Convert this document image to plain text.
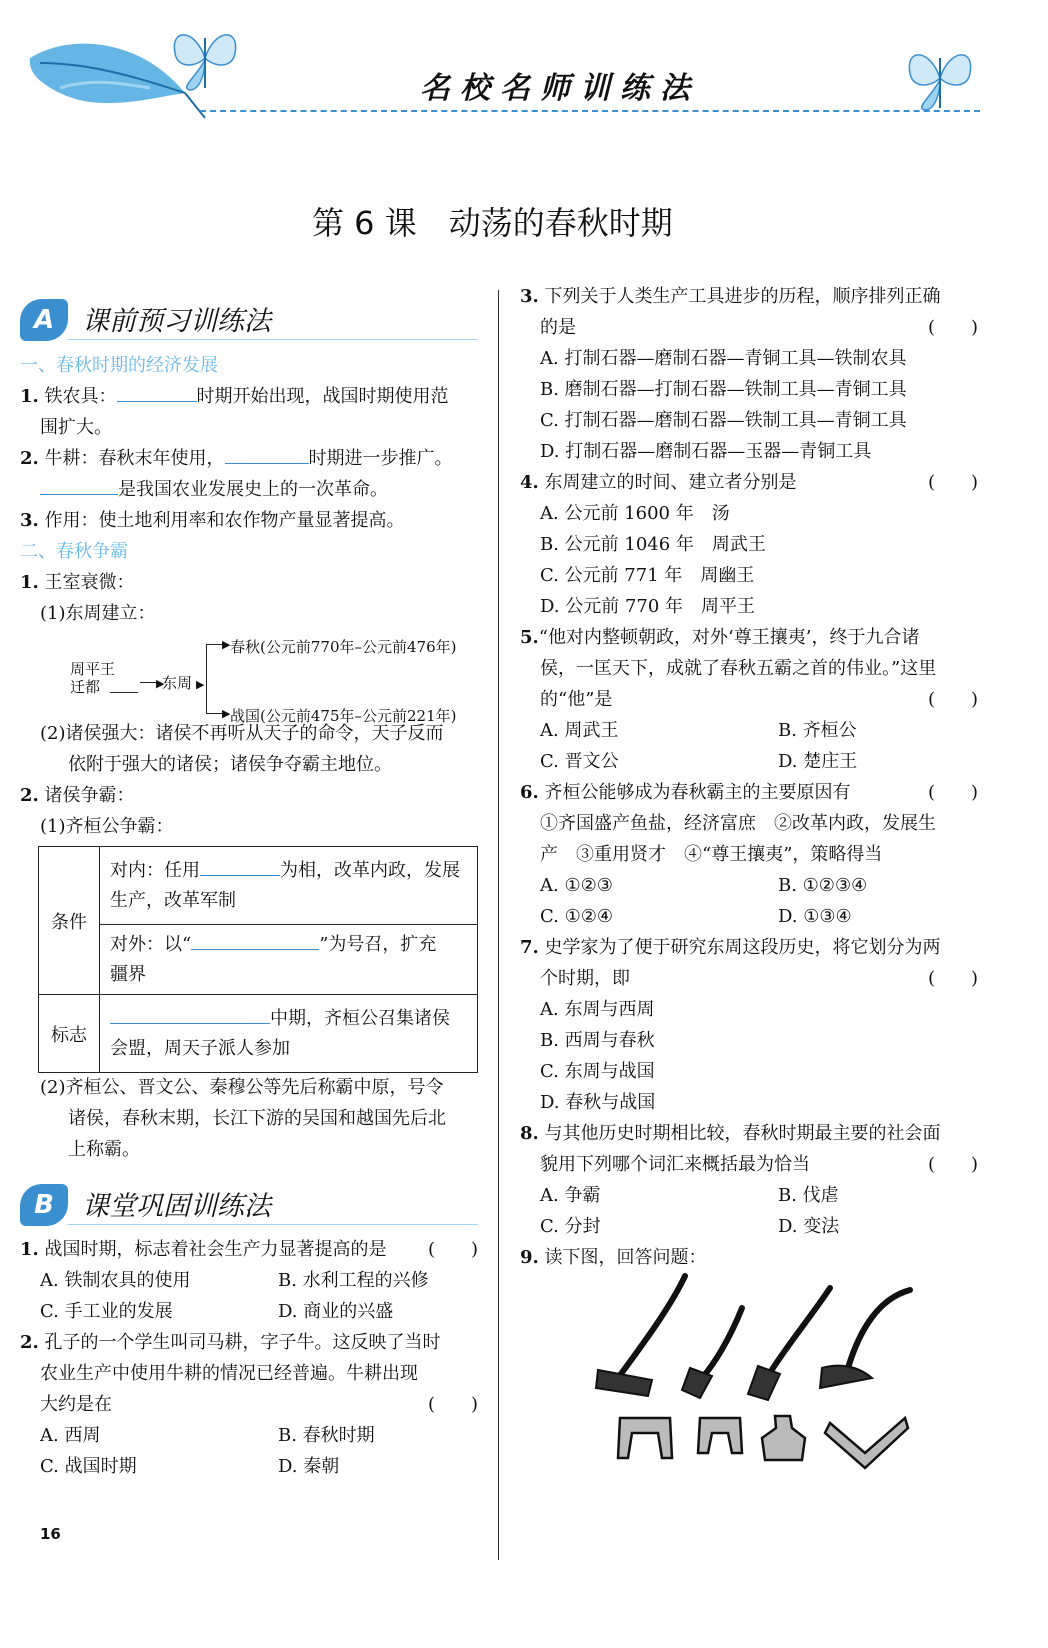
名校名师训练法
第 6 课　动荡的春秋时期
A	课前预习训练法
一、春秋时期的经济发展
1. 铁农具：	时期开始出现，战国时期使用范
围扩大。
2. 牛耕：春秋末年使用，	时期进一步推广。
是我国农业发展史上的一次革命。
3. 作用：使土地利用率和农作物产量显著提高。
二、春秋争霸
1. 王室衰微：
(1)东周建立：
周平王
迁都	▶
东周 ▶
▶
▶
春秋(公元前770年–公元前476年)
战国(公元前475年–公元前221年)
(2)诸侯强大：诸侯不再听从天子的命令，天子反而
依附于强大的诸侯；诸侯争夺霸主地位。
2. 诸侯争霸：
(1)齐桓公争霸：
条件	对内：任用 为相，改革内政，发展
生产，改革军制
	对外：以“ ”为号召，扩充
疆界
标志	中期，齐桓公召集诸侯
会盟，周天子派人参加
(2)齐桓公、晋文公、秦穆公等先后称霸中原，号令
诸侯，春秋末期，长江下游的吴国和越国先后北
上称霸。
B	课堂巩固训练法
1. 战国时期，标志着社会生产力显著提高的是 (　　)
A. 铁制农具的使用	B. 水利工程的兴修
C. 手工业的发展	D. 商业的兴盛
2. 孔子的一个学生叫司马耕，字子牛。这反映了当时
农业生产中使用牛耕的情况已经普遍。牛耕出现
大约是在	(　　)
A. 西周	B. 春秋时期
C. 战国时期	D. 秦朝
3. 下列关于人类生产工具进步的历程，顺序排列正确
的是	(　　)
A. 打制石器—磨制石器—青铜工具—铁制农具
B. 磨制石器—打制石器—铁制工具—青铜工具
C. 打制石器—磨制石器—铁制工具—青铜工具
D. 打制石器—磨制石器—玉器—青铜工具
4. 东周建立的时间、建立者分别是	(　　)
A. 公元前 1600 年　汤
B. 公元前 1046 年　周武王
C. 公元前 771 年　周幽王
D. 公元前 770 年　周平王
5.“他对内整顿朝政，对外‘尊王攘夷’，终于九合诸
侯，一匡天下，成就了春秋五霸之首的伟业。”这里
的“他”是	(　　)
A. 周武王	B. 齐桓公
C. 晋文公	D. 楚庄王
6. 齐桓公能够成为春秋霸主的主要原因有	(　　)
①齐国盛产鱼盐，经济富庶　②改革内政，发展生
产　③重用贤才　④“尊王攘夷”，策略得当
A. ①②③	B. ①②③④
C. ①②④	D. ①③④
7. 史学家为了便于研究东周这段历史，将它划分为两
个时期，即	(　　)
A. 东周与西周
B. 西周与春秋
C. 东周与战国
D. 春秋与战国
8. 与其他历史时期相比较，春秋时期最主要的社会面
貌用下列哪个词汇来概括最为恰当	(　　)
A. 争霸	B. 伐虐
C. 分封	D. 变法
9. 读下图，回答问题：
16
